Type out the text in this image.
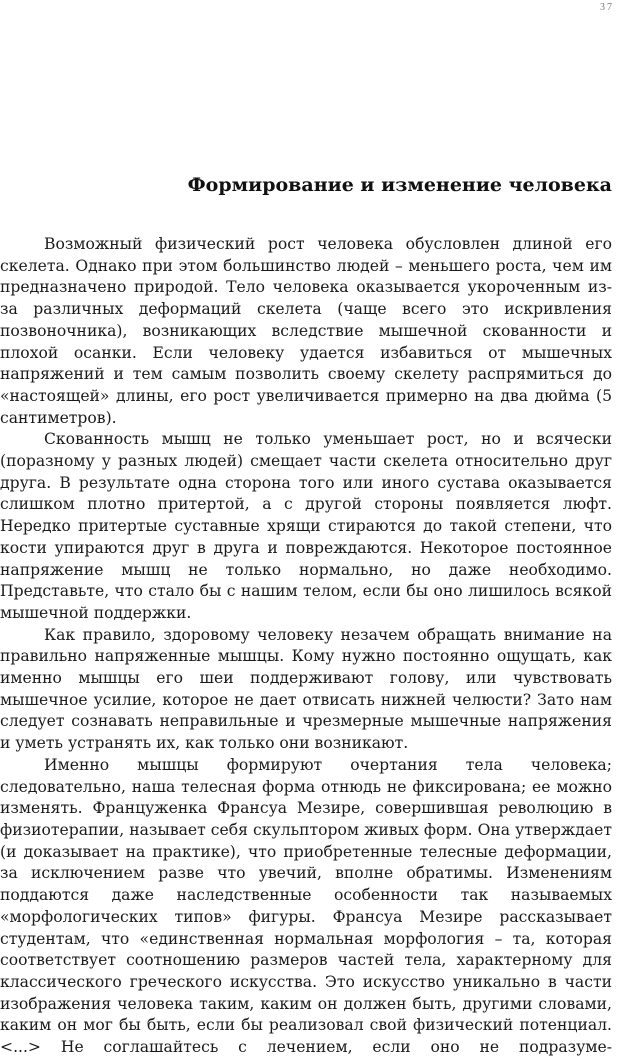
37
Формирование и изменение человека

Возможный физический рост человека обусловлен длиной его скелета. Однако при этом большинство людей – меньшего роста, чем им предназначено природой. Тело человека оказывается укороченным из-за различных деформаций скелета (чаще всего это искривления позвоночника), возникающих вследствие мышечной скованности и плохой осанки. Если человеку удается избавиться от мышечных напряжений и тем самым позволить своему скелету распрямиться до «настоящей» длины, его рост увеличивается примерно на два дюйма (5 сантиметров).

Скованность мышц не только уменьшает рост, но и всячески (поразному у разных людей) смещает части скелета относительно друг друга. В результате одна сторона того или иного сустава оказывается слишком плотно притертой, а с другой стороны появляется люфт. Нередко притертые суставные хрящи стираются до такой степени, что кости упираются друг в друга и повреждаются. Некоторое постоянное напряжение мышц не только нормально, но даже необходимо. Представьте, что стало бы с нашим телом, если бы оно лишилось всякой мышечной поддержки.

Как правило, здоровому человеку незачем обращать внимание на правильно напряженные мышцы. Кому нужно постоянно ощущать, как именно мышцы его шеи поддерживают голову, или чувствовать мышечное усилие, которое не дает отвисать нижней челюсти? Зато нам следует сознавать неправильные и чрезмерные мышечные напряжения и уметь устранять их, как только они возникают.

Именно мышцы формируют очертания тела человека; следовательно, наша телесная форма отнюдь не фиксирована; ее можно изменять. Француженка Франсуа Мезире, совершившая революцию в физиотерапии, называет себя скульптором живых форм. Она утверждает (и доказывает на практике), что приобретенные телесные деформации, за исключением разве что увечий, вполне обратимы. Изменениям поддаются даже наследственные особенности так называемых «морфологических типов» фигуры. Франсуа Мезире рассказывает студентам, что «единственная нормальная морфология – та, которая соответствует соотношению размеров частей тела, характерному для классического греческого искусства. Это искусство уникально в части изображения человека таким, каким он должен быть, другими словами, каким он мог бы быть, если бы реализовал свой физический потенциал. <...> Не соглашайтесь с лечением, если оно не подразуме-
